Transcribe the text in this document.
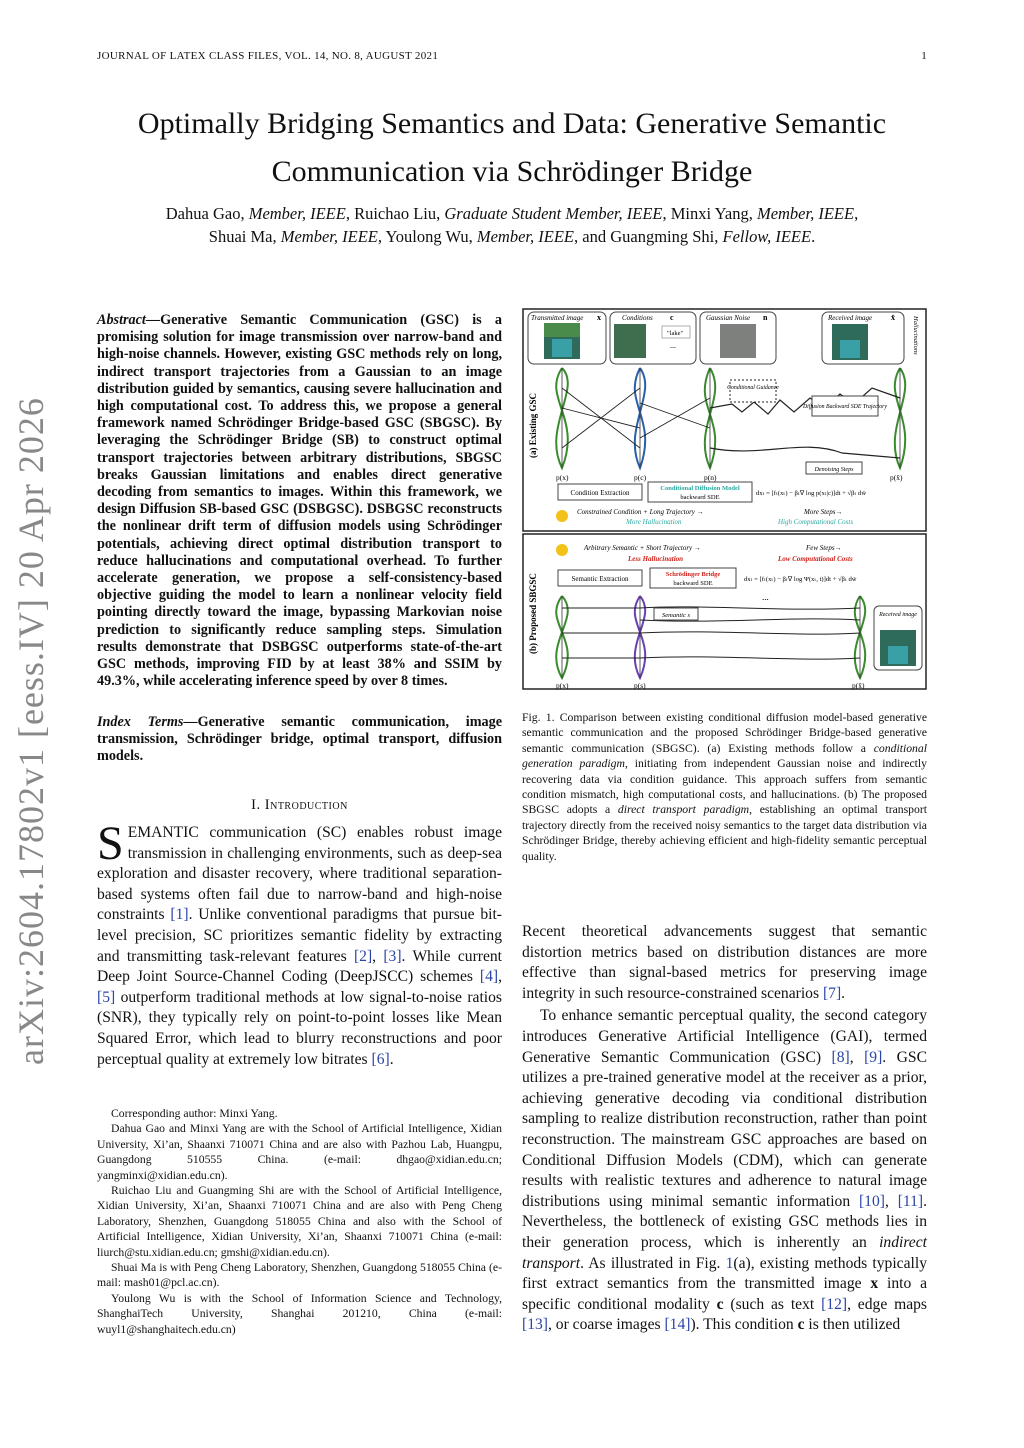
JOURNAL OF LATEX CLASS FILES, VOL. 14, NO. 8, AUGUST 2021	1
Optimally Bridging Semantics and Data: Generative Semantic Communication via Schrödinger Bridge
Dahua Gao, Member, IEEE, Ruichao Liu, Graduate Student Member, IEEE, Minxi Yang, Member, IEEE,
Shuai Ma, Member, IEEE, Youlong Wu, Member, IEEE, and Guangming Shi, Fellow, IEEE.
arXiv:2604.17802v1 [eess.IV] 20 Apr 2026
Abstract—Generative Semantic Communication (GSC) is a promising solution for image transmission over narrow-band and high-noise channels. However, existing GSC methods rely on long, indirect transport trajectories from a Gaussian to an image distribution guided by semantics, causing severe hallucination and high computational cost. To address this, we propose a general framework named Schrödinger Bridge-based GSC (SBGSC). By leveraging the Schrödinger Bridge (SB) to construct optimal transport trajectories between arbitrary distributions, SBGSC breaks Gaussian limitations and enables direct generative decoding from semantics to images. Within this framework, we design Diffusion SB-based GSC (DSBGSC). DSBGSC reconstructs the nonlinear drift term of diffusion models using Schrödinger potentials, achieving direct optimal distribution transport to reduce hallucinations and computational overhead. To further accelerate generation, we propose a self-consistency-based objective guiding the model to learn a nonlinear velocity field pointing directly toward the image, bypassing Markovian noise prediction to significantly reduce sampling steps. Simulation results demonstrate that DSBGSC outperforms state-of-the-art GSC methods, improving FID by at least 38% and SSIM by 49.3%, while accelerating inference speed by over 8 times.
Index Terms—Generative semantic communication, image transmission, Schrödinger bridge, optimal transport, diffusion models.
I. Introduction
SEMANTIC communication (SC) enables robust image transmission in challenging environments, such as deep-sea exploration and disaster recovery, where traditional separation-based systems often fail due to narrow-band and high-noise constraints [1]. Unlike conventional paradigms that pursue bit-level precision, SC prioritizes semantic fidelity by extracting and transmitting task-relevant features [2], [3]. While current Deep Joint Source-Channel Coding (DeepJSCC) schemes [4], [5] outperform traditional methods at low signal-to-noise ratios (SNR), they typically rely on point-to-point losses like Mean Squared Error, which lead to blurry reconstructions and poor perceptual quality at extremely low bitrates [6].

Corresponding author: Minxi Yang.

Dahua Gao and Minxi Yang are with the School of Artificial Intelligence, Xidian University, Xi’an, Shaanxi 710071 China and are also with Pazhou Lab, Huangpu, Guangdong 510555 China. (e-mail: dhgao@xidian.edu.cn; yangminxi@xidian.edu.cn).

Ruichao Liu and Guangming Shi are with the School of Artificial Intelligence, Xidian University, Xi’an, Shaanxi 710071 China and are also with Peng Cheng Laboratory, Shenzhen, Guangdong 518055 China and also with the School of Artificial Intelligence, Xidian University, Xi’an, Shaanxi 710071 China (e-mail: liurch@stu.xidian.edu.cn; gmshi@xidian.edu.cn).

Shuai Ma is with Peng Cheng Laboratory, Shenzhen, Guangdong 518055 China (e-mail: mash01@pcl.ac.cn).

Youlong Wu is with the School of Information Science and Technology, ShanghaiTech University, Shanghai 201210, China (e-mail: wuyl1@shanghaitech.edu.cn)

(a) Existing GSC
Transmitted image x	Conditions c
"lake"
...
Gaussian Noise n	Received image x̂	Hallucinations
Conditional Guidance
Diffusion Backward SDE Trajectory
Denoising Steps
p(x)	p(c)	p(n)	p(x̂)
Condition Extraction
Conditional Diffusion Model
backward SDE
dxₜ = [fₜ(xₜ) − βₜ∇ log p(xₜ|c)]dt + √βₜ dw̄
Constrained Condition + Long Trajectory →
More Hallucination
More Steps→
High Computational Costs
(b) Proposed SBGSC
Arbitrary Semantic + Short Trajectory →
Less Hallucination
Few Steps→
Low Computational Costs
Semantic Extraction
Schrödinger Bridge
backward SDE
dxₜ = [fₜ(xₜ) − βₜ∇ log Ψ(xₜ, t)]dt + √βₜ dw̄
...
Semantic s	Received image
p(x)	p(s)	p(x̂)
Fig. 1. Comparison between existing conditional diffusion model-based generative semantic communication and the proposed Schrödinger Bridge-based generative semantic communication (SBGSC). (a) Existing methods follow a conditional generation paradigm, initiating from independent Gaussian noise and indirectly recovering data via condition guidance. This approach suffers from semantic condition mismatch, high computational costs, and hallucinations. (b) The proposed SBGSC adopts a direct transport paradigm, establishing an optimal transport trajectory directly from the received noisy semantics to the target data distribution via Schrödinger Bridge, thereby achieving efficient and high-fidelity semantic perceptual quality.

Recent theoretical advancements suggest that semantic distortion metrics based on distribution distances are more effective than signal-based metrics for preserving image integrity in such resource-constrained scenarios [7].

To enhance semantic perceptual quality, the second category introduces Generative Artificial Intelligence (GAI), termed Generative Semantic Communication (GSC) [8], [9]. GSC utilizes a pre-trained generative model at the receiver as a prior, achieving generative decoding via conditional distribution sampling to realize distribution reconstruction, rather than point reconstruction. The mainstream GSC approaches are based on Conditional Diffusion Models (CDM), which can generate results with realistic textures and adherence to natural image distributions using minimal semantic information [10], [11]. Nevertheless, the bottleneck of existing GSC methods lies in their generation process, which is inherently an indirect transport. As illustrated in Fig. 1(a), existing methods typically first extract semantics from the transmitted image x into a specific conditional modality c (such as text [12], edge maps [13], or coarse images [14]). This condition c is then utilized
